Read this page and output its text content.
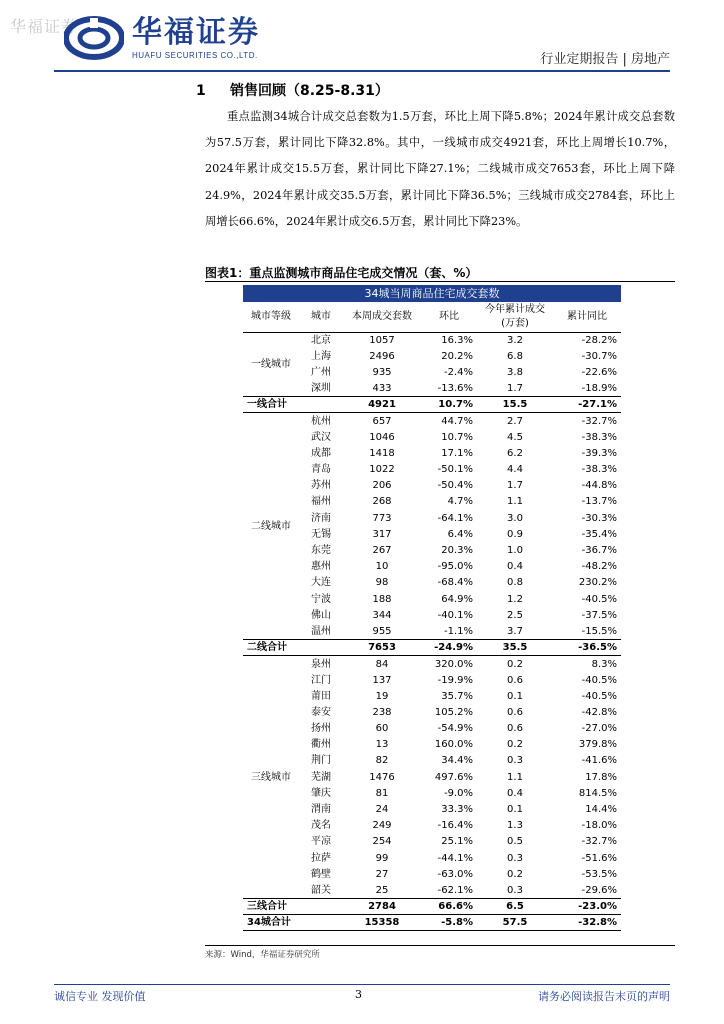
华福证券 华福证券
HUAFU SECURITIES CO.,LTD.	行业定期报告 | 房地产
1 销售回顾（8.25-8.31）

重点监测34城合计成交总套数为1.5万套，环比上周下降5.8%；2024年累计成交总套数为57.5万套，累计同比下降32.8%。其中，一线城市成交4921套，环比上周增长10.7%，2024年累计成交15.5万套，累计同比下降27.1%；二线城市成交7653套，环比上周下降24.9%，2024年累计成交35.5万套，累计同比下降36.5%；三线城市成交2784套，环比上周增长66.6%，2024年累计成交6.5万套，累计同比下降23%。

图表1：重点监测城市商品住宅成交情况（套、%）
34城当周商品住宅成交套数					
城市等级	城市	本周成交套数	环比	今年累计成交(万套)	累计同比
一线城市	北京	1057	16.3%	3.2	-28.2%
	上海	2496	20.2%	6.8	-30.7%
	广州	935	-2.4%	3.8	-22.6%
	深圳	433	-13.6%	1.7	-18.9%
一线合计		4921	10.7%	15.5	-27.1%
二线城市	杭州	657	44.7%	2.7	-32.7%
	武汉	1046	10.7%	4.5	-38.3%
	成都	1418	17.1%	6.2	-39.3%
	青岛	1022	-50.1%	4.4	-38.3%
	苏州	206	-50.4%	1.7	-44.8%
	福州	268	4.7%	1.1	-13.7%
	济南	773	-64.1%	3.0	-30.3%
	无锡	317	6.4%	0.9	-35.4%
	东莞	267	20.3%	1.0	-36.7%
	惠州	10	-95.0%	0.4	-48.2%
	大连	98	-68.4%	0.8	230.2%
	宁波	188	64.9%	1.2	-40.5%
	佛山	344	-40.1%	2.5	-37.5%
	温州	955	-1.1%	3.7	-15.5%
二线合计		7653	-24.9%	35.5	-36.5%
三线城市	泉州	84	320.0%	0.2	8.3%
	江门	137	-19.9%	0.6	-40.5%
	莆田	19	35.7%	0.1	-40.5%
	泰安	238	105.2%	0.6	-42.8%
	扬州	60	-54.9%	0.6	-27.0%
	衢州	13	160.0%	0.2	379.8%
	荆门	82	34.4%	0.3	-41.6%
	芜湖	1476	497.6%	1.1	17.8%
	肇庆	81	-9.0%	0.4	814.5%
	渭南	24	33.3%	0.1	14.4%
	茂名	249	-16.4%	1.3	-18.0%
	平凉	254	25.1%	0.5	-32.7%
	拉萨	99	-44.1%	0.3	-51.6%
	鹤壁	27	-63.0%	0.2	-53.5%
	韶关	25	-62.1%	0.3	-29.6%
三线合计		2784	66.6%	6.5	-23.0%
34城合计		15358	-5.8%	57.5	-32.8%
来源：Wind，华福证券研究所
诚信专业 发现价值	3	请务必阅读报告末页的声明
